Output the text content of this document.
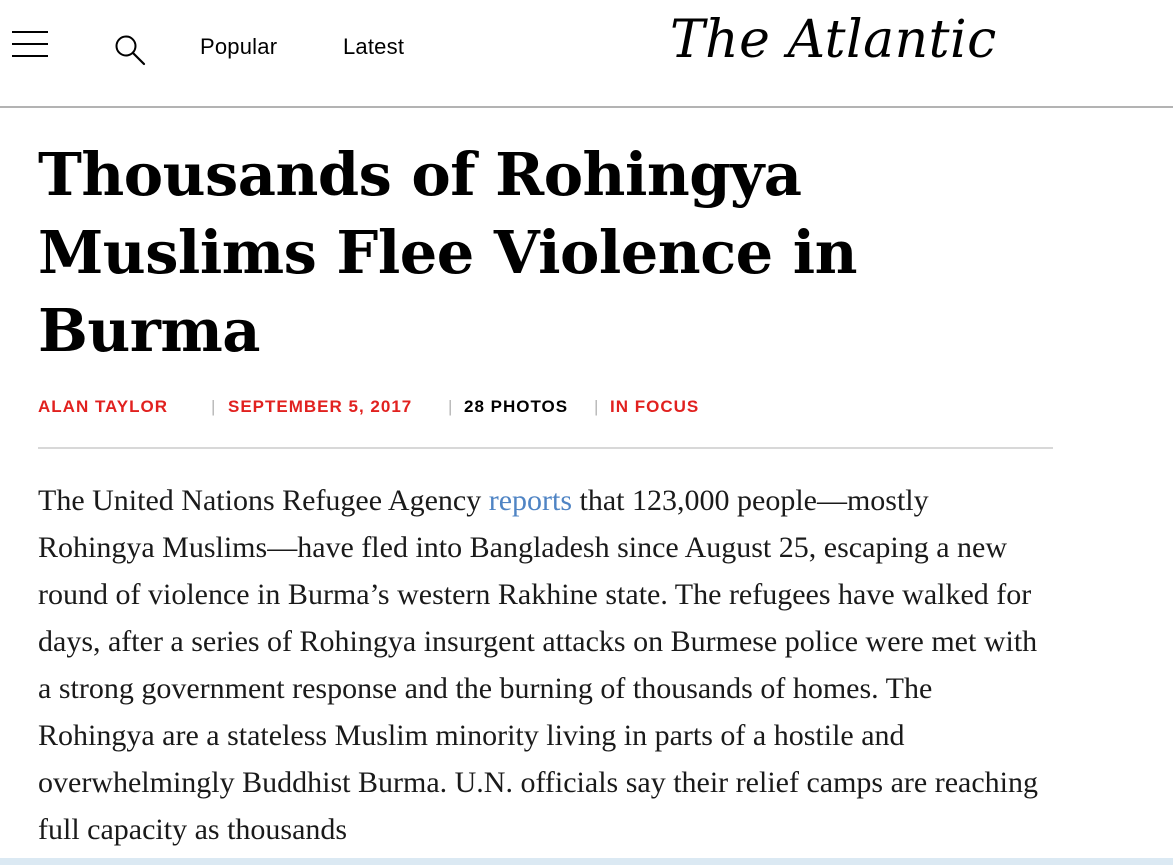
Popular	Latest	The Atlantic
Thousands of Rohingya Muslims Flee Violence in Burma
ALAN TAYLOR	| SEPTEMBER 5, 2017 | 28 PHOTOS | IN FOCUS

The United Nations Refugee Agency reports that 123,000 people—mostly Rohingya Muslims—have fled into Bangladesh since August 25, escaping a new round of violence in Burma’s western Rakhine state. The refugees have walked for days, after a series of Rohingya insurgent attacks on Burmese police were met with a strong government response and the burning of thousands of homes. The Rohingya are a stateless Muslim minority living in parts of a hostile and overwhelmingly Buddhist Burma. U.N. officials say their relief camps are reaching full capacity as thousands
